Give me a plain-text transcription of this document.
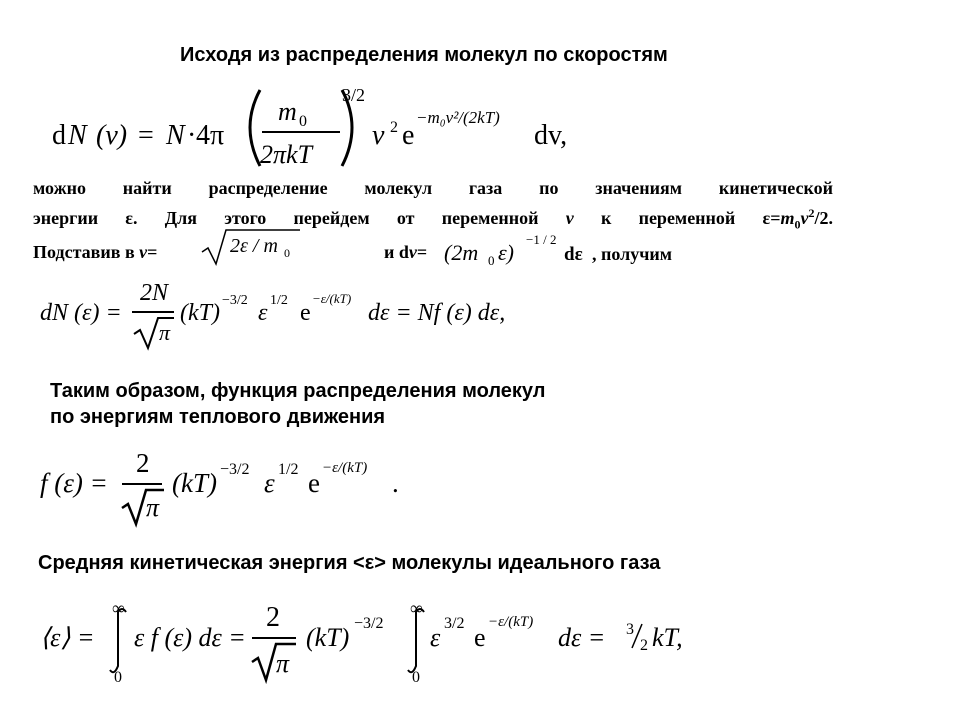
Исходя из распределения молекул по скоростям
d N (v) = N · 4π
m 0
2πkT
3/2
v 2 e
−m₀v²/(2kT)
dv,
можно найти распределение молекул газа по значениям кинетической
энергии ε. Для этого перейдем от переменной v к переменной $\varepsilon=m_0v^2/2$.
Подставив в v=	2ε / m 0	и dv= (2m 0 ε)
−1 / 2
dε , получим
dN (ε) =
2N
π
(kT) −3/2 ε 1/2 e
−ε/(kT)
dε = Nf (ε) dε,
Таким образом, функция распределения молекул
по энергиям теплового движения
f (ε) =
2
π
(kT) −3/2 ε 1/2 e −ε/(kT) .
Средняя кинетическая энергия <ε> молекулы идеального газа
⟨ε⟩ =
∞
0
ε f (ε) dε =
2
π
(kT) −3/2
∞
0
ε 3/2 e
−ε/(kT)
dε = 3
2 kT,
